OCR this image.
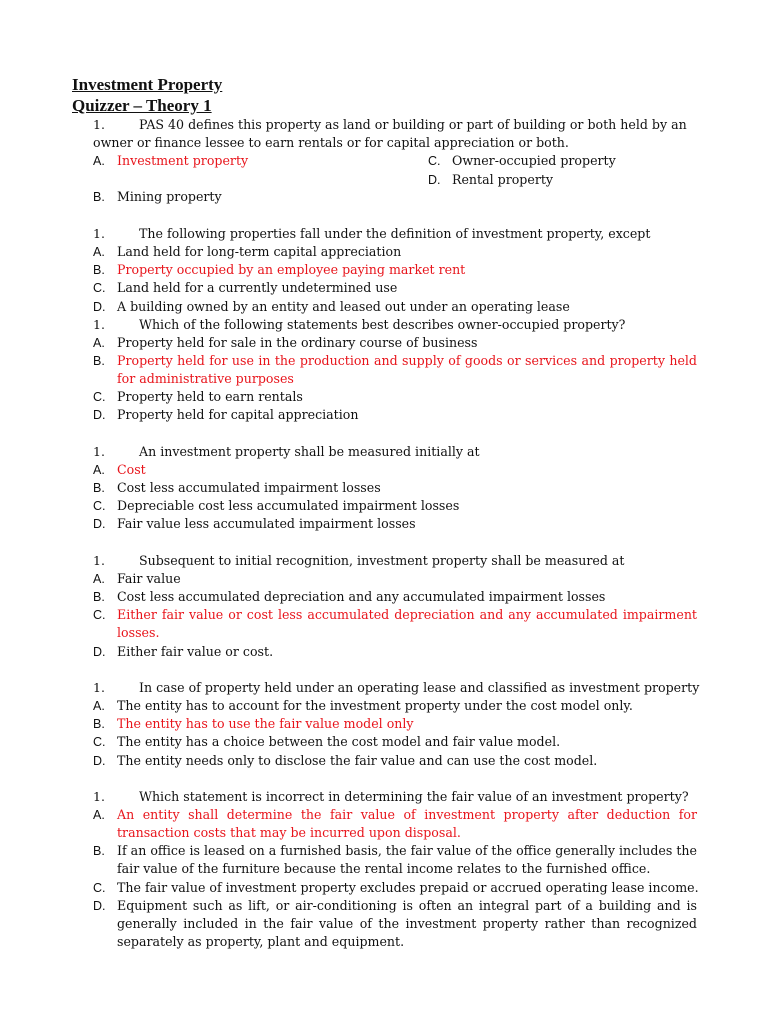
Investment Property
Quizzer – Theory 1
1.	PAS 40 defines this property as land or building or part of building or both held by an
owner or finance lessee to earn rentals or for capital appreciation or both.
A. Investment property
B. Mining property
C. Owner-occupied property
D. Rental property
1.	The following properties fall under the definition of investment property, except
A. Land held for long-term capital appreciation
B. Property occupied by an employee paying market rent
C. Land held for a currently undetermined use
D. A building owned by an entity and leased out under an operating lease
1.	Which of the following statements best describes owner-occupied property?
A. Property held for sale in the ordinary course of business
B. Property held for use in the production and supply of goods or services and property held for administrative purposes
C. Property held to earn rentals
D. Property held for capital appreciation
1.	An investment property shall be measured initially at
A. Cost
B. Cost less accumulated impairment losses
C. Depreciable cost less accumulated impairment losses
D. Fair value less accumulated impairment losses
1.	Subsequent to initial recognition, investment property shall be measured at
A. Fair value
B. Cost less accumulated depreciation and any accumulated impairment losses
C. Either fair value or cost less accumulated depreciation and any accumulated impairment losses.
D. Either fair value or cost.
1.	In case of property held under an operating lease and classified as investment property
A. The entity has to account for the investment property under the cost model only.
B. The entity has to use the fair value model only
C. The entity has a choice between the cost model and fair value model.
D. The entity needs only to disclose the fair value and can use the cost model.
1.	Which statement is incorrect in determining the fair value of an investment property?
A. An entity shall determine the fair value of investment property after deduction for transaction costs that may be incurred upon disposal.
B. If an office is leased on a furnished basis, the fair value of the office generally includes the fair value of the furniture because the rental income relates to the furnished office.
C. The fair value of investment property excludes prepaid or accrued operating lease income.
D. Equipment such as lift, or air-conditioning is often an integral part of a building and is generally included in the fair value of the investment property rather than recognized separately as property, plant and equipment.
